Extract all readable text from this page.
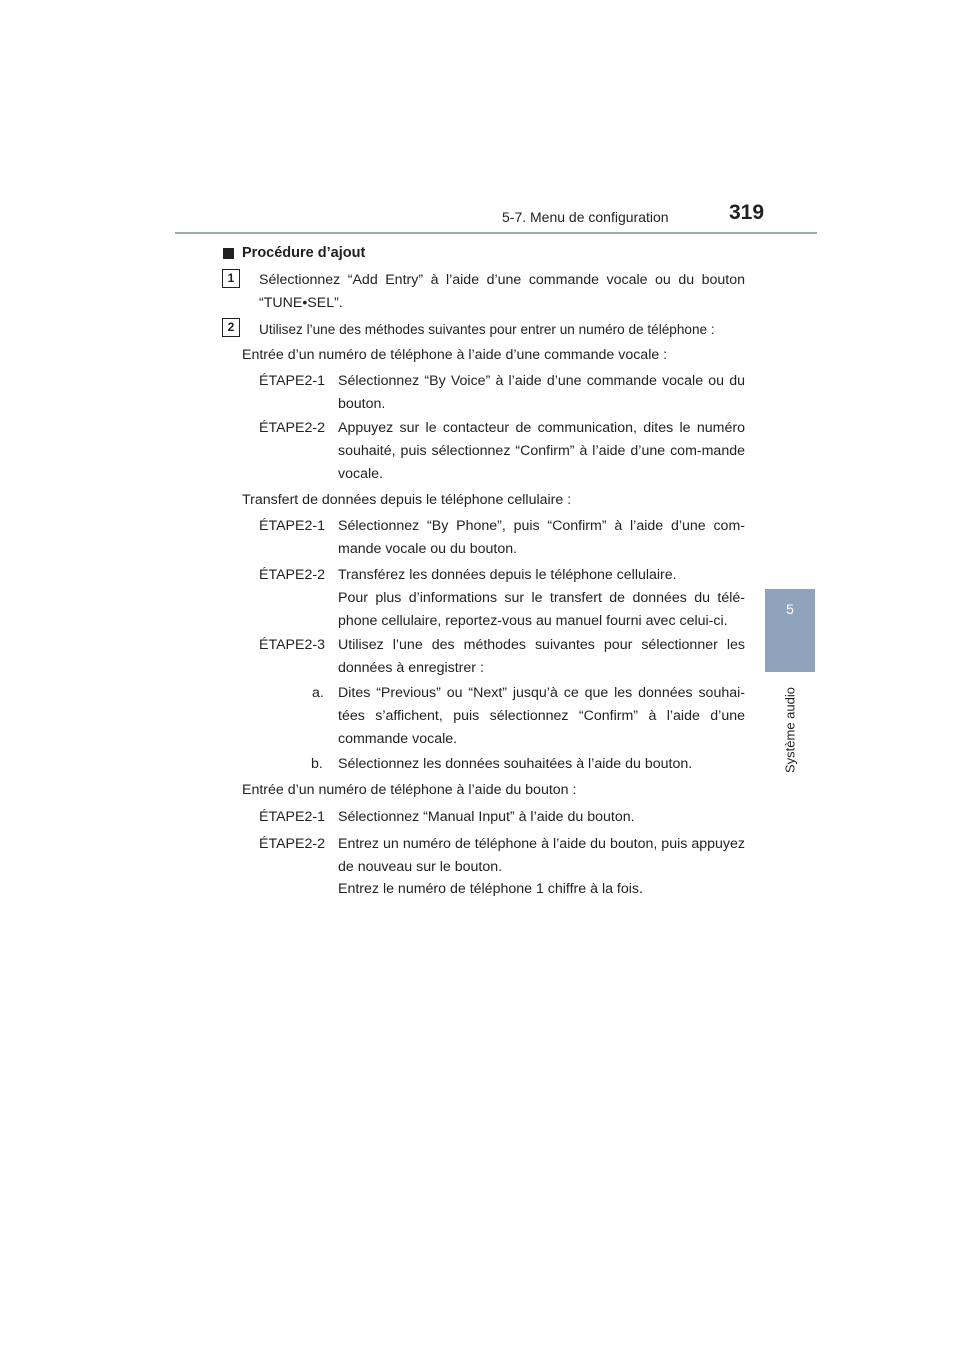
5-7. Menu de configuration	319
5
Système audio
Procédure d’ajout
1	Sélectionnez “Add Entry” à l’aide d’une commande vocale ou du bouton “TUNE•SEL”.
2	Utilisez l’une des méthodes suivantes pour entrer un numéro de téléphone :
Entrée d’un numéro de téléphone à l’aide d’une commande vocale :
ÉTAPE2-1 Sélectionnez “By Voice” à l’aide d’une commande vocale ou du bouton.
ÉTAPE2-2 Appuyez sur le contacteur de communication, dites le numéro souhaité, puis sélectionnez “Confirm” à l’aide d’une com-mande vocale.
Transfert de données depuis le téléphone cellulaire :
ÉTAPE2-1 Sélectionnez “By Phone”, puis “Confirm” à l’aide d’une com-mande vocale ou du bouton.
ÉTAPE2-2 Transférez les données depuis le téléphone cellulaire.
Pour plus d’informations sur le transfert de données du télé-phone cellulaire, reportez-vous au manuel fourni avec celui-ci.
ÉTAPE2-3 Utilisez l’une des méthodes suivantes pour sélectionner les données à enregistrer :
a. Dites “Previous” ou “Next” jusqu’à ce que les données souhai-tées s’affichent, puis sélectionnez “Confirm” à l’aide d’une commande vocale.
b. Sélectionnez les données souhaitées à l’aide du bouton.
Entrée d’un numéro de téléphone à l’aide du bouton :
ÉTAPE2-1 Sélectionnez “Manual Input” à l’aide du bouton.
ÉTAPE2-2 Entrez un numéro de téléphone à l’aide du bouton, puis appuyez de nouveau sur le bouton.
Entrez le numéro de téléphone 1 chiffre à la fois.
